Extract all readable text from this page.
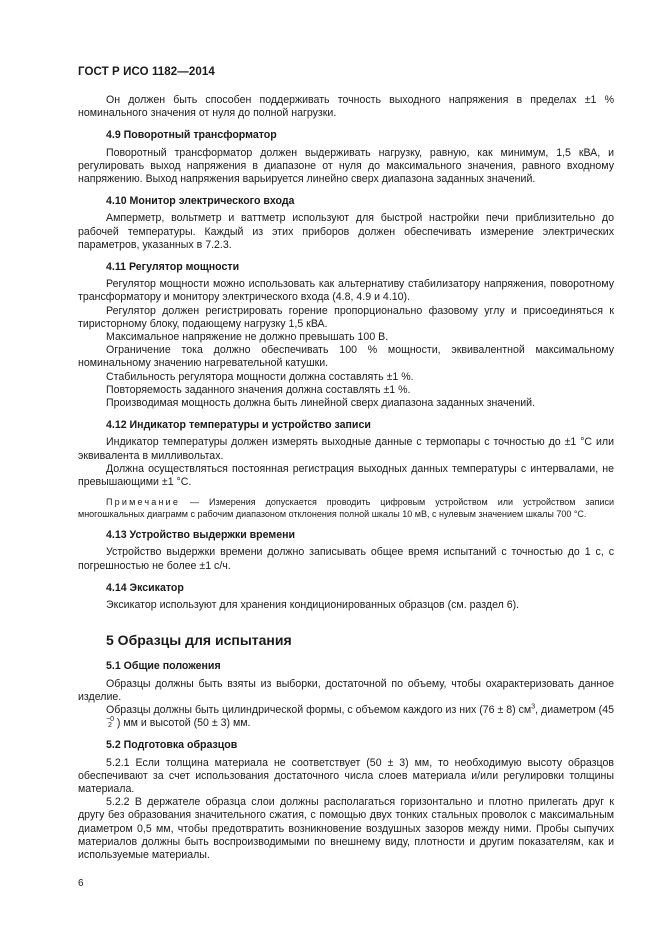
ГОСТ Р ИСО 1182—2014

Он должен быть способен поддерживать точность выходного напряжения в пределах ±1 % номинального значения от нуля до полной нагрузки.

4.9 Поворотный трансформатор

Поворотный трансформатор должен выдерживать нагрузку, равную, как минимум, 1,5 кВА, и регулировать выход напряжения в диапазоне от нуля до максимального значения, равного входному напряжению. Выход напряжения варьируется линейно сверх диапазона заданных значений.

4.10 Монитор электрического входа

Амперметр, вольтметр и ваттметр используют для быстрой настройки печи приблизительно до рабочей температуры. Каждый из этих приборов должен обеспечивать измерение электрических параметров, указанных в 7.2.3.

4.11 Регулятор мощности

Регулятор мощности можно использовать как альтернативу стабилизатору напряжения, поворотному трансформатору и монитору электрического входа (4.8, 4.9 и 4.10).

Регулятор должен регистрировать горение пропорционально фазовому углу и присоединяться к тиристорному блоку, подающему нагрузку 1,5 кВА.

Максимальное напряжение не должно превышать 100 В.

Ограничение тока должно обеспечивать 100 % мощности, эквивалентной максимальному номинальному значению нагревательной катушки.

Стабильность регулятора мощности должна составлять ±1 %.

Повторяемость заданного значения должна составлять ±1 %.

Производимая мощность должна быть линейной сверх диапазона заданных значений.

4.12 Индикатор температуры и устройство записи

Индикатор температуры должен измерять выходные данные с термопары с точностью до ±1 °С или эквивалента в милливольтах.

Должна осуществляться постоянная регистрация выходных данных температуры с интервалами, не превышающими ±1 °С.

Примечание — Измерения допускается проводить цифровым устройством или устройством записи многошкальных диаграмм с рабочим диапазоном отклонения полной шкалы 10 мВ, с нулевым значением шкалы 700 °С.

4.13 Устройство выдержки времени

Устройство выдержки времени должно записывать общее время испытаний с точностью до 1 с, с погрешностью не более ±1 с/ч.

4.14 Эксикатор

Эксикатор используют для хранения кондиционированных образцов (см. раздел 6).

5 Образцы для испытания
5.1 Общие положения

Образцы должны быть взяты из выборки, достаточной по объему, чтобы охарактеризовать данное изделие.

Образцы должны быть цилиндрической формы, с объемом каждого из них (76 ± 8) $см^3$, диаметром (45
−0
2 ) мм и высотой (50 ± 3) мм.

5.2 Подготовка образцов

5.2.1 Если толщина материала не соответствует (50 ± 3) мм, то необходимую высоту образцов обеспечивают за счет использования достаточного числа слоев материала и/или регулировки толщины материала.

5.2.2 В держателе образца слои должны располагаться горизонтально и плотно прилегать друг к другу без образования значительного сжатия, с помощью двух тонких стальных проволок с максимальным диаметром 0,5 мм, чтобы предотвратить возникновение воздушных зазоров между ними. Пробы сыпучих материалов должны быть воспроизводимыми по внешнему виду, плотности и другим показателям, как и используемые материалы.

6
